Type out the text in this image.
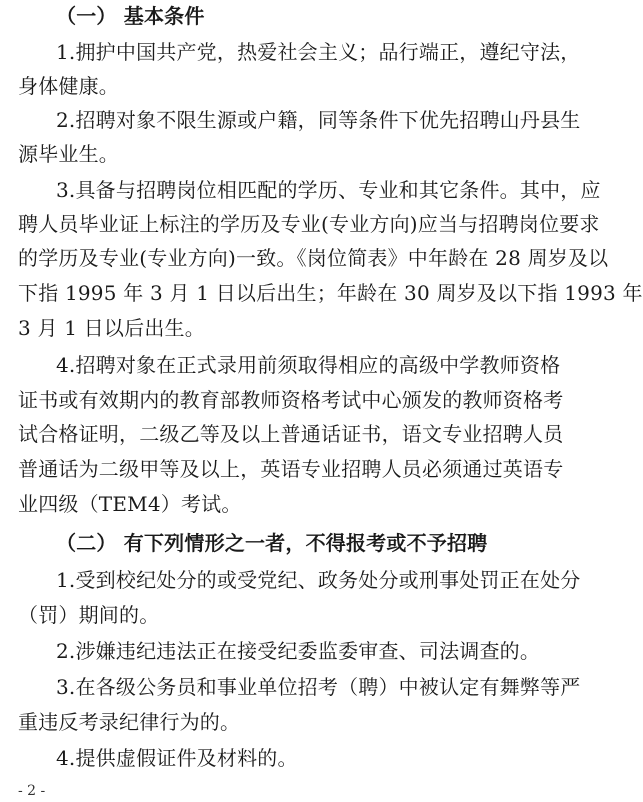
（一） 基本条件
1.拥护中国共产党，热爱社会主义；品行端正，遵纪守法，
身体健康。
2.招聘对象不限生源或户籍，同等条件下优先招聘山丹县生
源毕业生。
3.具备与招聘岗位相匹配的学历、专业和其它条件。其中，应
聘人员毕业证上标注的学历及专业(专业方向)应当与招聘岗位要求
的学历及专业(专业方向)一致。《岗位简表》中年龄在 28 周岁及以
下指 1995 年 3 月 1 日以后出生；年龄在 30 周岁及以下指 1993 年
3 月 1 日以后出生。
4.招聘对象在正式录用前须取得相应的高级中学教师资格
证书或有效期内的教育部教师资格考试中心颁发的教师资格考
试合格证明，二级乙等及以上普通话证书，语文专业招聘人员
普通话为二级甲等及以上，英语专业招聘人员必须通过英语专
业四级（TEM4）考试。
（二） 有下列情形之一者，不得报考或不予招聘
1.受到校纪处分的或受党纪、政务处分或刑事处罚正在处分
（罚）期间的。
2.涉嫌违纪违法正在接受纪委监委审查、司法调查的。
3.在各级公务员和事业单位招考（聘）中被认定有舞弊等严
重违反考录纪律行为的。
4.提供虚假证件及材料的。
- 2 -
